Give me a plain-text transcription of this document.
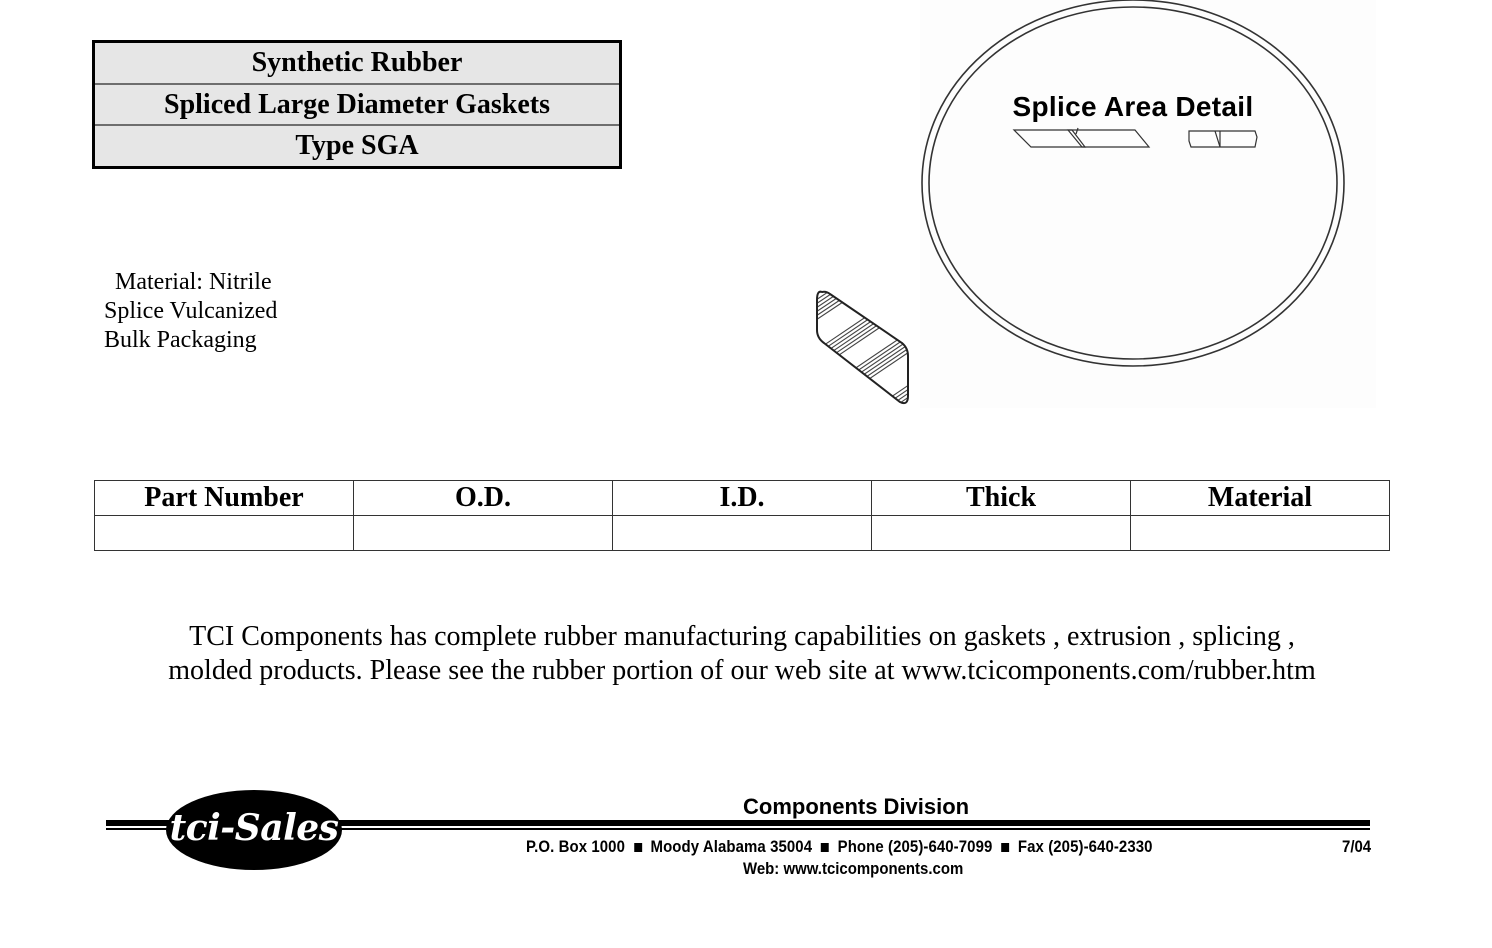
Synthetic Rubber
Spliced Large Diameter Gaskets
Type SGA
Material: Nitrile
Splice Vulcanized
Bulk Packaging
Splice Area Detail
Part Number	O.D.	I.D.	Thick	Material

TCI Components has complete rubber manufacturing capabilities on gaskets , extrusion , splicing ,
molded products. Please see the rubber portion of our web site at www.tcicomponents.com/rubber.htm
tci-Sales
Components Division
P.O. Box 1000 Moody Alabama 35004 Phone (205)-640-7099 Fax (205)-640-2330
Web: www.tcicomponents.com
7/04
